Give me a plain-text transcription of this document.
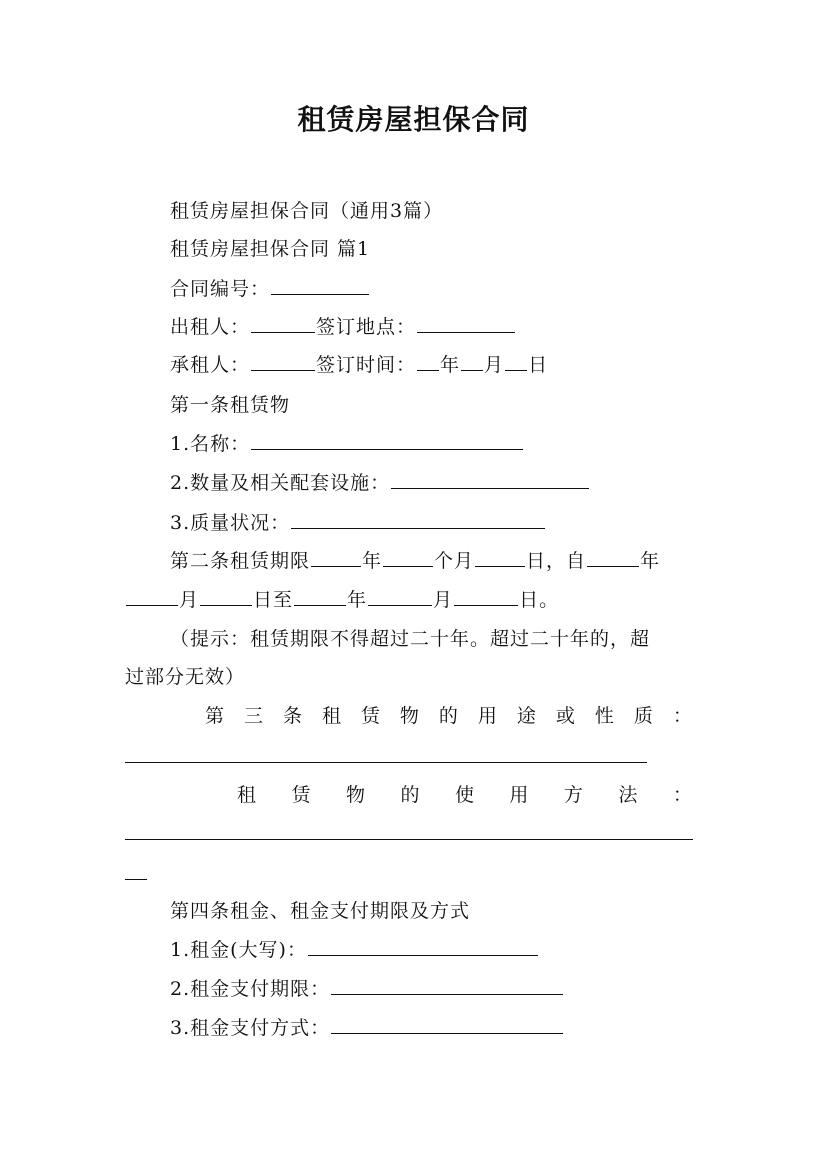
租赁房屋担保合同
租赁房屋担保合同（通用3篇）
租赁房屋担保合同 篇1
合同编号：
出租人：	签订地点：
承租人：	签订时间： 年 月 日
第一条租赁物
1.名称：
2.数量及相关配套设施：
3.质量状况：
第二条租赁期限	年	个月	日，自	年
月	日至	年	月	日。
（提示：租赁期限不得超过二十年。超过二十年的，超
过部分无效）
第 三 条 租 赁 物 的 用 途 或 性 质 ：
租 赁 物 的 使 用 方 法 ：
第四条租金、租金支付期限及方式
1.租金(大写)：
2.租金支付期限：
3.租金支付方式：
